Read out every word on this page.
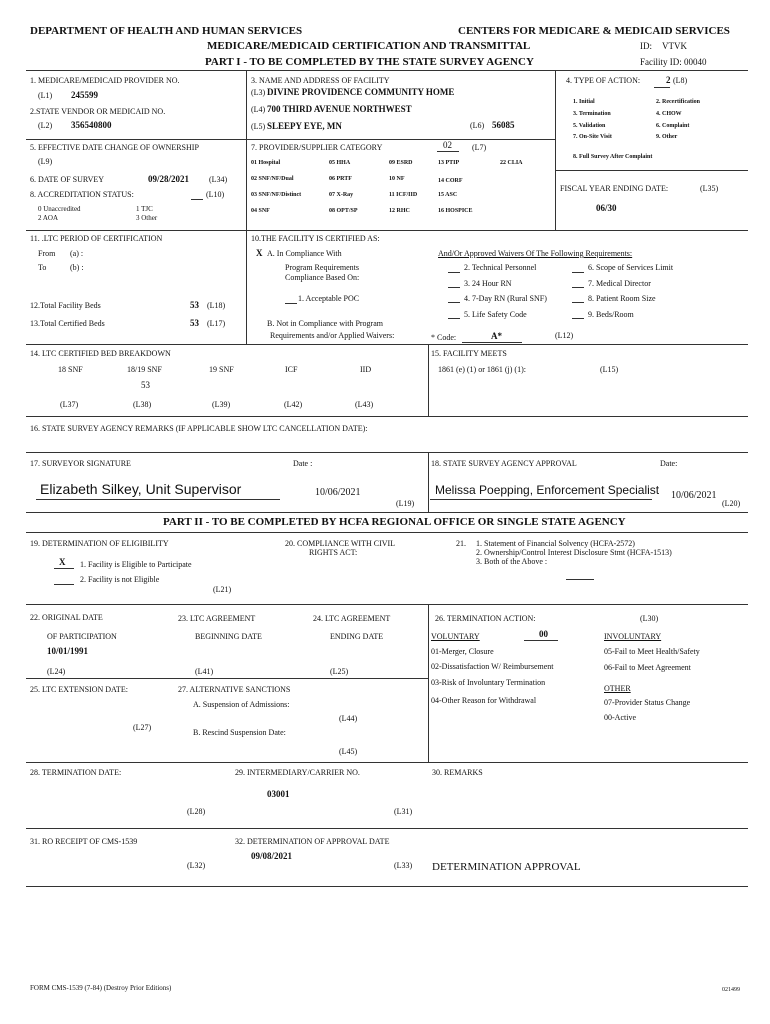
DEPARTMENT OF HEALTH AND HUMAN SERVICES	CENTERS FOR MEDICARE & MEDICAID SERVICES
MEDICARE/MEDICAID CERTIFICATION AND TRANSMITTAL	ID: VTVK
PART I - TO BE COMPLETED BY THE STATE SURVEY AGENCY	Facility ID: 00040
1. MEDICARE/MEDICAID PROVIDER NO.
(L1) 245599
2.STATE VENDOR OR MEDICAID NO.
(L2) 356540800
3. NAME AND ADDRESS OF FACILITY
(L3) DIVINE PROVIDENCE COMMUNITY HOME
(L4) 700 THIRD AVENUE NORTHWEST
(L5) SLEEPY EYE, MN	(L6) 56085
4. TYPE OF ACTION:	2 (L8)
1. Initial	2. Recertification
3. Termination	4. CHOW
5. Validation	6. Complaint
7. On-Site Visit	9. Other
8. Full Survey After Complaint
5. EFFECTIVE DATE CHANGE OF OWNERSHIP
(L9)
6. DATE OF SURVEY	09/28/2021 (L34)
8. ACCREDITATION STATUS:	(L10)
0 Unaccredited	1 TJC
2 AOA	3 Other
7. PROVIDER/SUPPLIER CATEGORY	02	(L7)
01 Hospital	05 HHA	09 ESRD	13 PTIP	22 CLIA
02 SNF/NF/Dual	06 PRTF	10 NF	14 CORF
03 SNF/NF/Distinct	07 X-Ray	11 ICF/IID	15 ASC
04 SNF	08 OPT/SP	12 RHC	16 HOSPICE
FISCAL YEAR ENDING DATE:	(L35)
06/30
11. .LTC PERIOD OF CERTIFICATION
From (a) :
To	(b) :
12.Total Facility Beds	53 (L18)
13.Total Certified Beds	53 (L17)
10.THE FACILITY IS CERTIFIED AS:
X A. In Compliance With
Program Requirements
Compliance Based On:
1. Acceptable POC
B. Not in Compliance with Program
Requirements and/or Applied Waivers:
And/Or Approved Waivers Of The Following Requirements:
2. Technical Personnel
3. 24 Hour RN
4. 7-Day RN (Rural SNF)
5. Life Safety Code
6. Scope of Services Limit
7. Medical Director
8. Patient Room Size
9. Beds/Room
* Code:	A*	(L12)
14. LTC CERTIFIED BED BREAKDOWN
18 SNF	18/19 SNF	19 SNF	ICF	IID
53
(L37)	(L38)	(L39)	(L42)	(L43)
15. FACILITY MEETS
1861 (e) (1) or 1861 (j) (1):	(L15)
16. STATE SURVEY AGENCY REMARKS (IF APPLICABLE SHOW LTC CANCELLATION DATE):
17. SURVEYOR SIGNATURE	Date :
Elizabeth Silkey, Unit Supervisor	10/06/2021
(L19)
18. STATE SURVEY AGENCY APPROVAL	Date:
Melissa Poepping, Enforcement Specialist 10/06/2021
(L20)
PART II - TO BE COMPLETED BY HCFA REGIONAL OFFICE OR SINGLE STATE AGENCY
19. DETERMINATION OF ELIGIBILITY
X 1. Facility is Eligible to Participate
2. Facility is not Eligible
(L21)
20. COMPLIANCE WITH CIVIL
RIGHTS ACT:
21. 1. Statement of Financial Solvency (HCFA-2572)
2. Ownership/Control Interest Disclosure Stmt (HCFA-1513)
3. Both of the Above :
22. ORIGINAL DATE
OF PARTICIPATION
10/01/1991
(L24)
23. LTC AGREEMENT
BEGINNING DATE
(L41)
24. LTC AGREEMENT
ENDING DATE
(L25)
26. TERMINATION ACTION:	(L30)
VOLUNTARY	00	INVOLUNTARY
01-Merger, Closure
02-Dissatisfaction W/ Reimbursement
03-Risk of Involuntary Termination
04-Other Reason for Withdrawal
05-Fail to Meet Health/Safety
06-Fail to Meet Agreement
OTHER
07-Provider Status Change
00-Active
25. LTC EXTENSION DATE:
(L27)
27. ALTERNATIVE SANCTIONS
A. Suspension of Admissions:
(L44)
B. Rescind Suspension Date:
(L45)
28. TERMINATION DATE:
(L28)
29. INTERMEDIARY/CARRIER NO.
03001
(L31)
30. REMARKS
31. RO RECEIPT OF CMS-1539
(L32)
32. DETERMINATION OF APPROVAL DATE
09/08/2021
(L33) DETERMINATION APPROVAL
FORM CMS-1539 (7-84) (Destroy Prior Editions)	021499
